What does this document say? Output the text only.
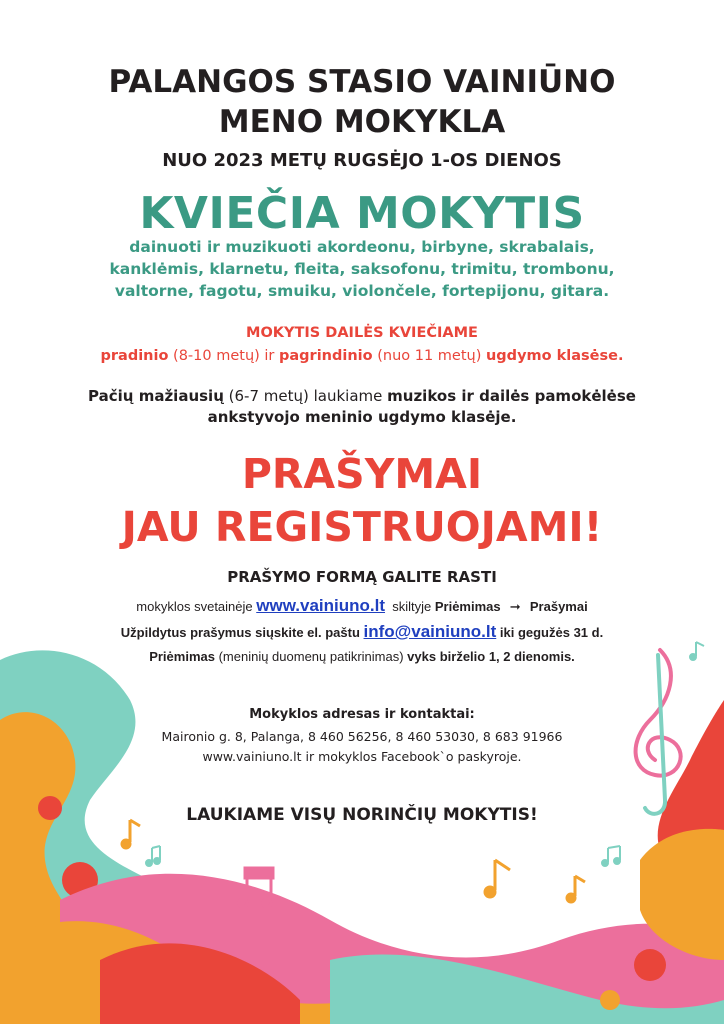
PALANGOS STASIO VAINIŪNO
MENO MOKYKLA
NUO 2023 METŲ RUGSĖJO 1-OS DIENOS
KVIEČIA MOKYTIS
dainuoti ir muzikuoti akordeonu, birbyne, skrabalais,
kanklėmis, klarnetu, fleita, saksofonu, trimitu, trombonu,
valtorne, fagotu, smuiku, violončele, fortepijonu, gitara.
MOKYTIS DAILĖS KVIEČIAME
pradinio (8-10 metų) ir pagrindinio (nuo 11 metų) ugdymo klasėse.
Pačių mažiausių (6-7 metų) laukiame muzikos ir dailės pamokėlėse
ankstyvojo meninio ugdymo klasėje.
PRAŠYMAI
JAU REGISTRUOJAMI!
PRAŠYMO FORMĄ GALITE RASTI
mokyklos svetainėje www.vainiuno.lt  skiltyje Priėmimas ➞ Prašymai
Užpildytus prašymus siųskite el. paštu info@vainiuno.lt iki gegužės 31 d.
Priėmimas (meninių duomenų patikrinimas) vyks birželio 1, 2 dienomis.
Mokyklos adresas ir kontaktai:
Maironio g. 8, Palanga, 8 460 56256, 8 460 53030, 8 683 91966
www.vainiuno.lt ir mokyklos Facebook`o paskyroje.
LAUKIAME VISŲ NORINČIŲ MOKYTIS!
